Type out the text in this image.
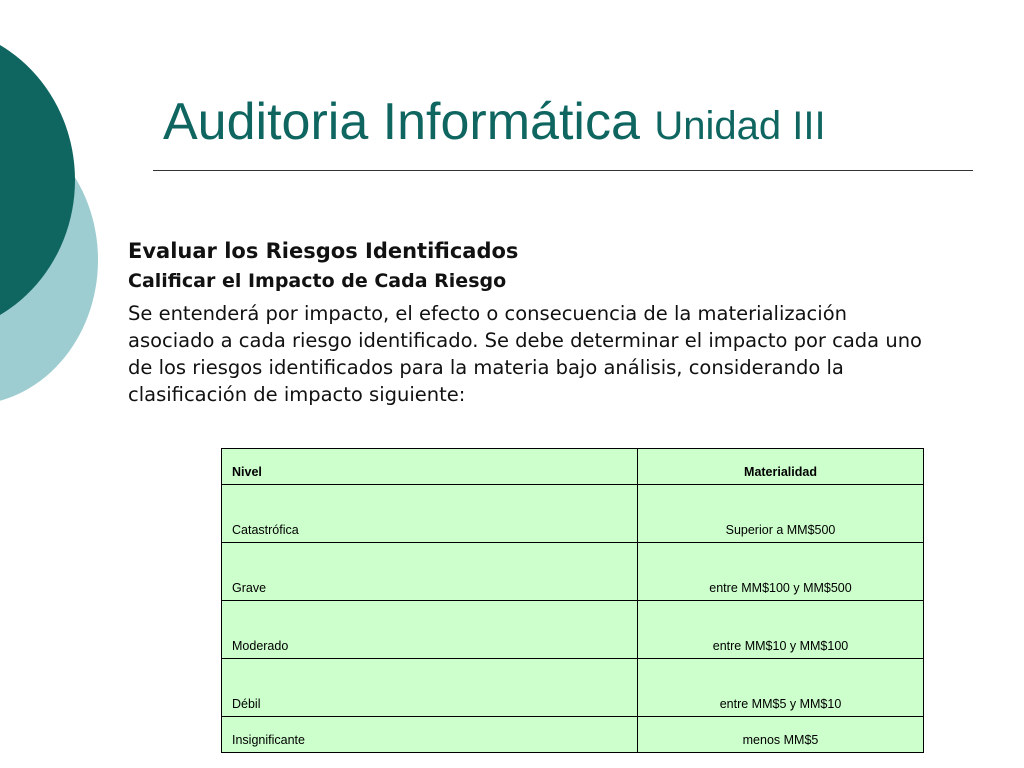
Auditoria Informática Unidad III

Evaluar los Riesgos Identificados

Calificar el Impacto de Cada Riesgo

Se entenderá por impacto, el efecto o consecuencia de la materialización asociado a cada riesgo identificado. Se debe determinar el impacto por cada uno de los riesgos identificados para la materia bajo análisis, considerando la clasificación de impacto siguiente:

Nivel	Materialidad
Catastrófica	Superior a MM$500
Grave	entre MM$100 y MM$500
Moderado	entre MM$10 y MM$100
Débil	entre MM$5 y MM$10
Insignificante	menos MM$5
